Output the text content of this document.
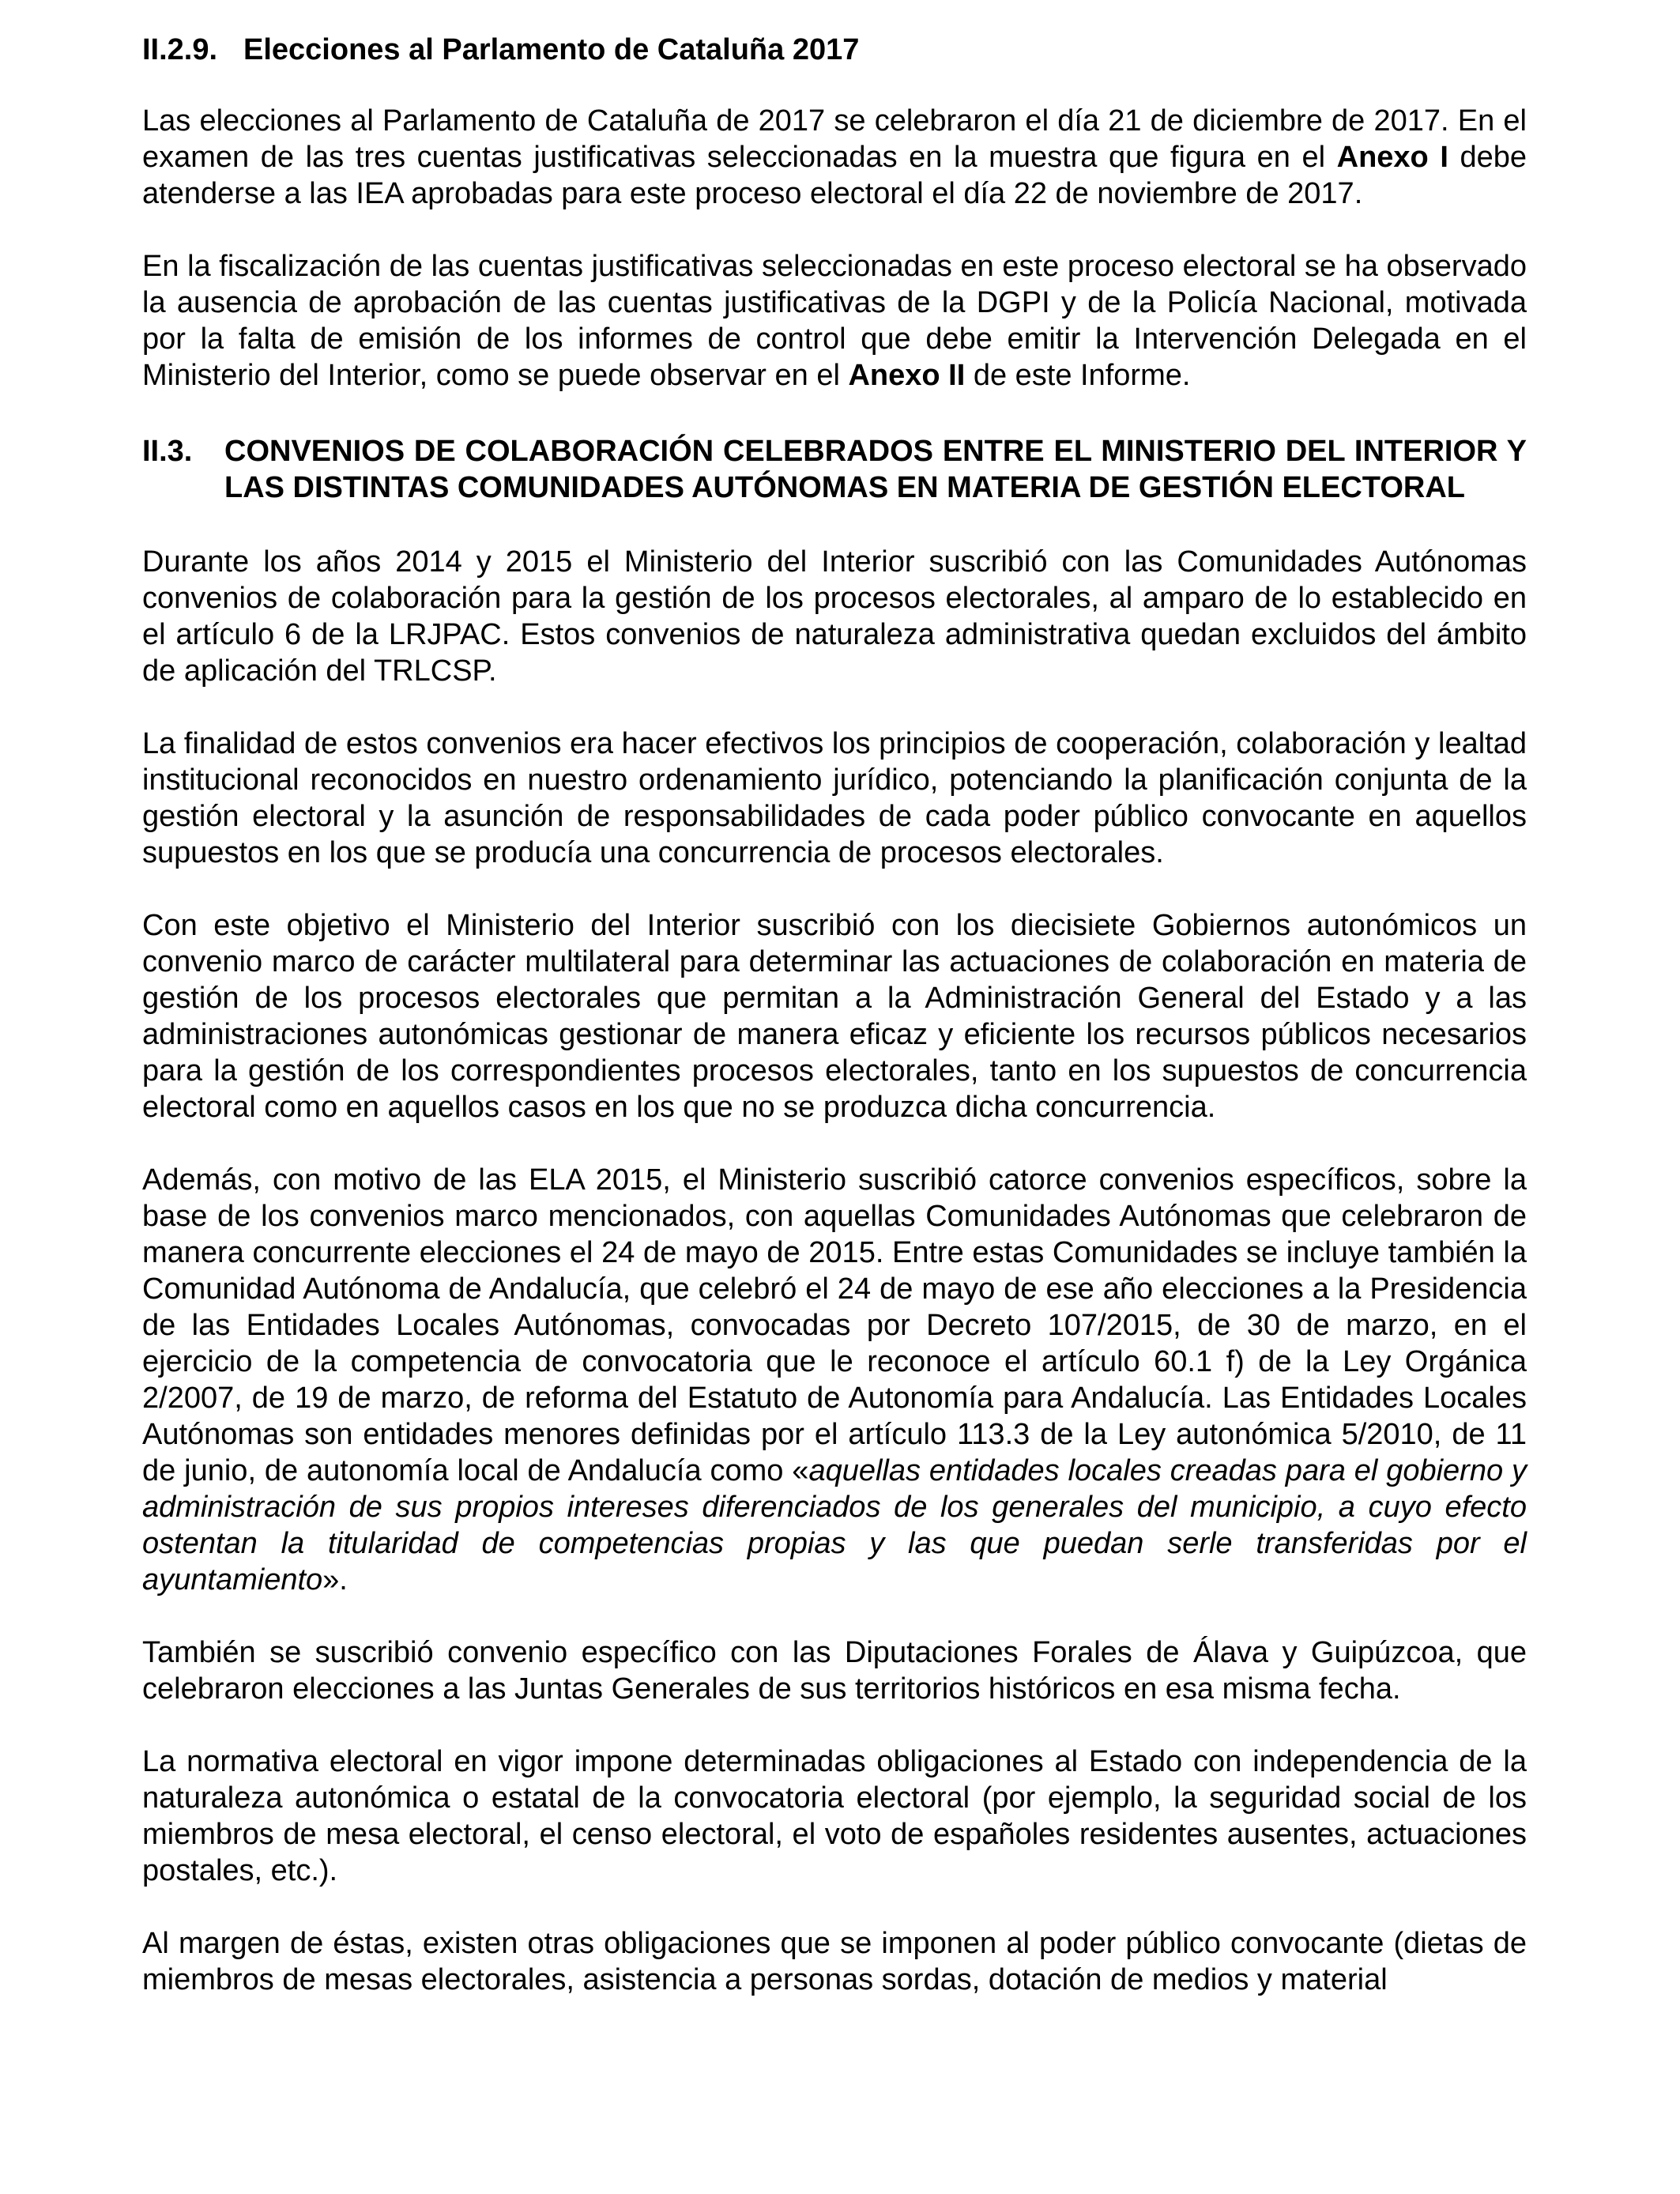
II.2.9. Elecciones al Parlamento de Cataluña 2017

Las elecciones al Parlamento de Cataluña de 2017 se celebraron el día 21 de diciembre de 2017. En el examen de las tres cuentas justificativas seleccionadas en la muestra que figura en el Anexo I debe atenderse a las IEA aprobadas para este proceso electoral el día 22 de noviembre de 2017.

En la fiscalización de las cuentas justificativas seleccionadas en este proceso electoral se ha observado la ausencia de aprobación de las cuentas justificativas de la DGPI y de la Policía Nacional, motivada por la falta de emisión de los informes de control que debe emitir la Intervención Delegada en el Ministerio del Interior, como se puede observar en el Anexo II de este Informe.

II.3.	CONVENIOS DE COLABORACIÓN CELEBRADOS ENTRE EL MINISTERIO DEL INTERIOR Y LAS DISTINTAS COMUNIDADES AUTÓNOMAS EN MATERIA DE GESTIÓN ELECTORAL

Durante los años 2014 y 2015 el Ministerio del Interior suscribió con las Comunidades Autónomas convenios de colaboración para la gestión de los procesos electorales, al amparo de lo establecido en el artículo 6 de la LRJPAC. Estos convenios de naturaleza administrativa quedan excluidos del ámbito de aplicación del TRLCSP.

La finalidad de estos convenios era hacer efectivos los principios de cooperación, colaboración y lealtad institucional reconocidos en nuestro ordenamiento jurídico, potenciando la planificación conjunta de la gestión electoral y la asunción de responsabilidades de cada poder público convocante en aquellos supuestos en los que se producía una concurrencia de procesos electorales.

Con este objetivo el Ministerio del Interior suscribió con los diecisiete Gobiernos autonómicos un convenio marco de carácter multilateral para determinar las actuaciones de colaboración en materia de gestión de los procesos electorales que permitan a la Administración General del Estado y a las administraciones autonómicas gestionar de manera eficaz y eficiente los recursos públicos necesarios para la gestión de los correspondientes procesos electorales, tanto en los supuestos de concurrencia electoral como en aquellos casos en los que no se produzca dicha concurrencia.

Además, con motivo de las ELA 2015, el Ministerio suscribió catorce convenios específicos, sobre la base de los convenios marco mencionados, con aquellas Comunidades Autónomas que celebraron de manera concurrente elecciones el 24 de mayo de 2015. Entre estas Comunidades se incluye también la Comunidad Autónoma de Andalucía, que celebró el 24 de mayo de ese año elecciones a la Presidencia de las Entidades Locales Autónomas, convocadas por Decreto 107/2015, de 30 de marzo, en el ejercicio de la competencia de convocatoria que le reconoce el artículo 60.1 f) de la Ley Orgánica 2/2007, de 19 de marzo, de reforma del Estatuto de Autonomía para Andalucía. Las Entidades Locales Autónomas son entidades menores definidas por el artículo 113.3 de la Ley autonómica 5/2010, de 11 de junio, de autonomía local de Andalucía como «aquellas entidades locales creadas para el gobierno y administración de sus propios intereses diferenciados de los generales del municipio, a cuyo efecto ostentan la titularidad de competencias propias y las que puedan serle transferidas por el ayuntamiento».

También se suscribió convenio específico con las Diputaciones Forales de Álava y Guipúzcoa, que celebraron elecciones a las Juntas Generales de sus territorios históricos en esa misma fecha.

La normativa electoral en vigor impone determinadas obligaciones al Estado con independencia de la naturaleza autonómica o estatal de la convocatoria electoral (por ejemplo, la seguridad social de los miembros de mesa electoral, el censo electoral, el voto de españoles residentes ausentes, actuaciones postales, etc.).

Al margen de éstas, existen otras obligaciones que se imponen al poder público convocante (dietas de miembros de mesas electorales, asistencia a personas sordas, dotación de medios y material
